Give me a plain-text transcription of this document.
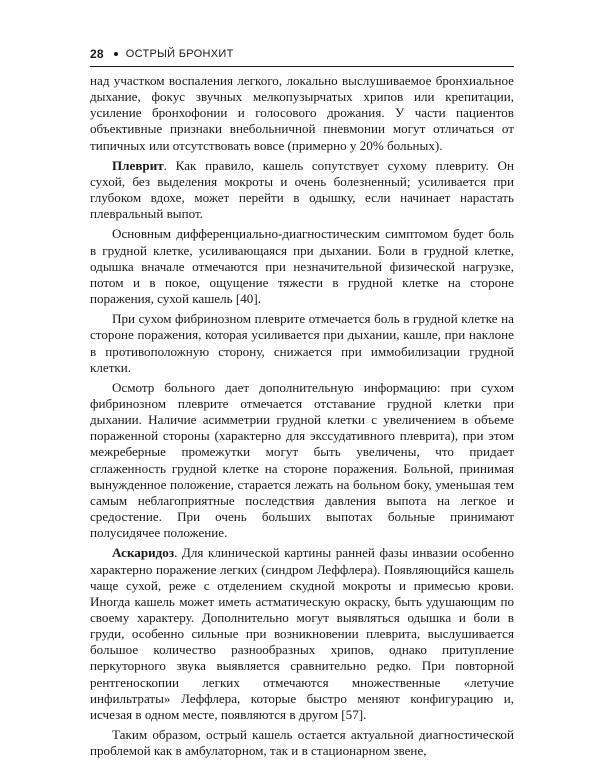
28 ОСТРЫЙ БРОНХИТ

над участком воспаления легкого, локально выслушиваемое бронхиальное дыхание, фокус звучных мелкопузырчатых хрипов или крепитации, усиление бронхофонии и голосового дрожания. У части пациентов объективные признаки внебольничной пневмонии могут отличаться от типичных или отсутствовать вовсе (примерно у 20% больных).

Плеврит. Как правило, кашель сопутствует сухому плевриту. Он сухой, без выделения мокроты и очень болезненный; усиливается при глубоком вдохе, может перейти в одышку, если начинает нарастать плевральный выпот.

Основным дифференциально-диагностическим симптомом будет боль в грудной клетке, усиливающаяся при дыхании. Боли в грудной клетке, одышка вначале отмечаются при незначительной физической нагрузке, потом и в покое, ощущение тяжести в грудной клетке на стороне поражения, сухой кашель [40].

При сухом фибринозном плеврите отмечается боль в грудной клетке на стороне поражения, которая усиливается при дыхании, кашле, при наклоне в противоположную сторону, снижается при иммобилизации грудной клетки.

Осмотр больного дает дополнительную информацию: при сухом фибринозном плеврите отмечается отставание грудной клетки при дыхании. Наличие асимметрии грудной клетки с увеличением в объеме пораженной стороны (характерно для экссудативного плеврита), при этом межреберные промежутки могут быть увеличены, что придает сглаженность грудной клетке на стороне поражения. Больной, принимая вынужденное положение, старается лежать на больном боку, уменьшая тем самым неблагоприятные последствия давления выпота на легкое и средостение. При очень больших выпотах больные принимают полусидячее положение.

Аскаридоз. Для клинической картины ранней фазы инвазии особенно характерно поражение легких (синдром Леффлера). Появляющийся кашель чаще сухой, реже с отделением скудной мокроты и примесью крови. Иногда кашель может иметь астматическую окраску, быть удушающим по своему характеру. Дополнительно могут выявляться одышка и боли в груди, особенно сильные при возникновении плеврита, выслушивается большое количество разнообразных хрипов, однако притупление перкуторного звука выявляется сравнительно редко. При повторной рентгеноскопии легких отмечаются множественные «летучие инфильтраты» Леффлера, которые быстро меняют конфигурацию и, исчезая в одном месте, появляются в другом [57].

Таким образом, острый кашель остается актуальной диагностической проблемой как в амбулаторном, так и в стационарном звене,
